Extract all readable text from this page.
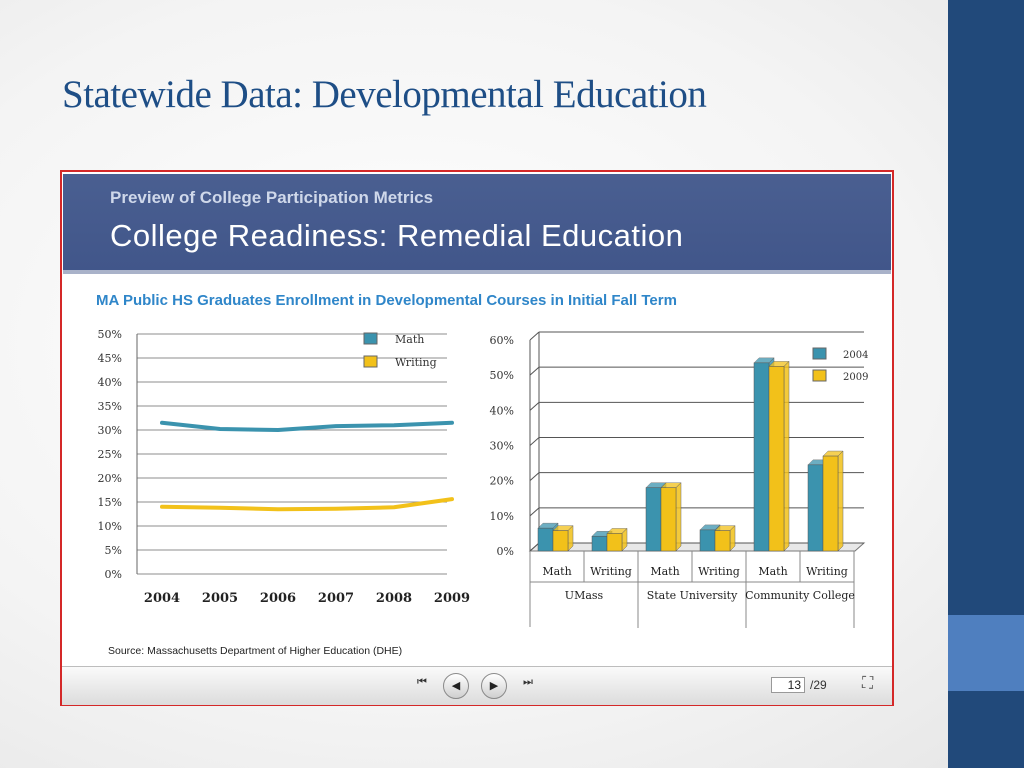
Statewide Data: Developmental Education
Preview of College Participation Metrics
College Readiness: Remedial Education
MA Public HS Graduates Enrollment in Developmental Courses in Initial Fall Term
0%
5%
10%
15%
20%
25%
30%
35%
40%
45%
50%
2004 2005 2006 2007 2008 2009
Math
Writing
0%
10%
20%
30%
40%
50%
60%
Math Writing Math Writing Math Writing
UMass	State University Community College
2004
2009
Source: Massachusetts Department of Higher Education (DHE)
⏮	◀	▶	⏭	13 /29 ⛶
